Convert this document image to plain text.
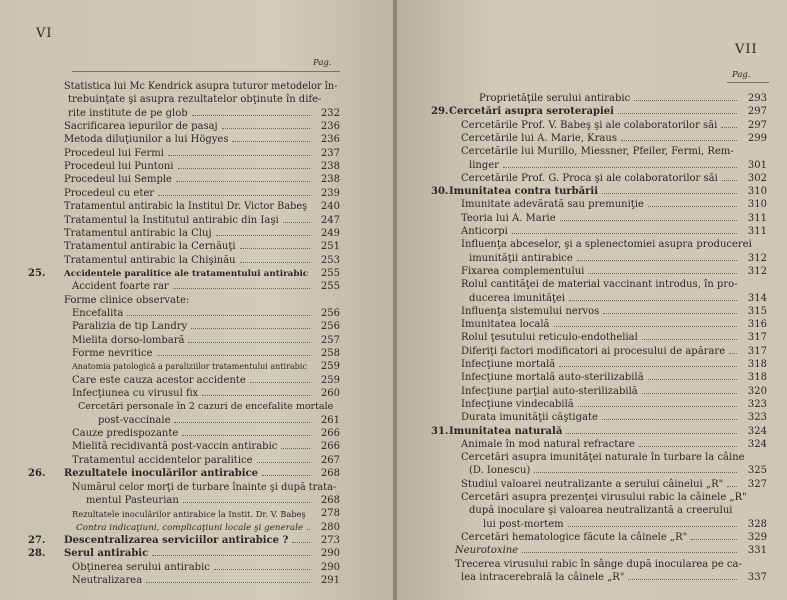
VI
Pag.
Statistica lui Mc Kendrick asupra tuturor metodelor în-
trebuinţate şi asupra rezultatelor obţinute în dife-
rite institute de pe glob	232
Sacrificarea iepurilor de pasaj	236
Metoda diluţiunilor a lui Högyes	236
Procedeul lui Fermi	237
Procedeul lui Puntoni	238
Procedeul lui Semple	238
Procedeul cu eter	239
Tratamentul antirabic la Institul Dr. Victor Babeş	240
Tratamentul la Institutul antirabic din Iaşi	247
Tratamentul antirabic la Cluj	249
Tratamentul antirabic la Cernăuţi	251
Tratamentul antirabic la Chişinău	253
25. Accidentele paralitice ale tratamentului antirabic	255
Accident foarte rar	255
Forme clinice observate:
Encefalita	256
Paralizia de tip Landry	256
Mielita dorso-lombară	257
Forme nevritice	258
Anatomia patologică a paraliziilor tratamentului antirabic	259
Care este cauza acestor accidente	259
Infecţiunea cu virusul fix	260
Cercetări personale în 2 cazuri de encefalite mortale
post-vaccinale	261
Cauze predispozante	266
Mielită recidivantă post-vaccin antirabic	266
Tratamentul accidentelor paralitice	267
26. Rezultatele inoculărilor antirabice	268
Numărul celor morţi de turbare înainte şi după trata-
mentul Pasteurian	268
Rezultatele inoculărilor antirabice la Instit. Dr. V. Babeş	278
Contra indicaţiuni, complicaţiuni locale şi generale	280
27. Descentralizarea serviciilor antirabice ?	273
28. Serul antirabic	290
Obţinerea serului antirabic	290
Neutralizarea	291
VII
Pag.
Proprietăţile serului antirabic	293
29. Cercetări asupra seroterapiei	297
Cercetările Prof. V. Babeş şi ale colaboratorilor săi	297
Cercetările lui A. Marie, Kraus	299
Cercetările lui Murillo, Miessner, Pfeiler, Fermi, Rem-
linger	301
Cercetările Prof. G. Proca şi ale colaboratorilor săi	302
30. Imunitatea contra turbării	310
Imunitate adevărată sau premuniţie	310
Teoria lui A. Marie	311
Anticorpi	311
Influenţa abceselor, şi a splenectomiei asupra producerei
imunităţii antirabice	312
Fixarea complementului	312
Rolul cantităţei de material vaccinant introdus, în pro-
ducerea imunităţei	314
Influenţa sistemului nervos	315
Imunitatea locală	316
Rolul ţesutului reticulo-endothelial	317
Diferiţi factori modificatori ai procesului de apărare	317
Infecţiune mortală	318
Infecţiune mortală auto-sterilizabilă	318
Infecţiune parţial auto-sterilizabilă	320
Infecţiune vindecabilă	323
Durata imunităţii căştigate	323
31. Imunitatea naturală	324
Animale în mod natural refractare	324
Cercetări asupra imunităţei naturale în turbare la câine
(D. Ionescu)	325
Studiul valoarei neutralizante a serului câinelui „R"	327
Cercetări asupra prezenţei virusului rabic la câinele „R"
după inoculare şi valoarea neutralizantă a creerului
lui post-mortem	328
Cercetări hematologice făcute la câinele „R"	329
Neurotoxine	331
Trecerea virusului rabic în sânge după inocularea pe ca-
lea intracerebrală la câinele „R"	337
